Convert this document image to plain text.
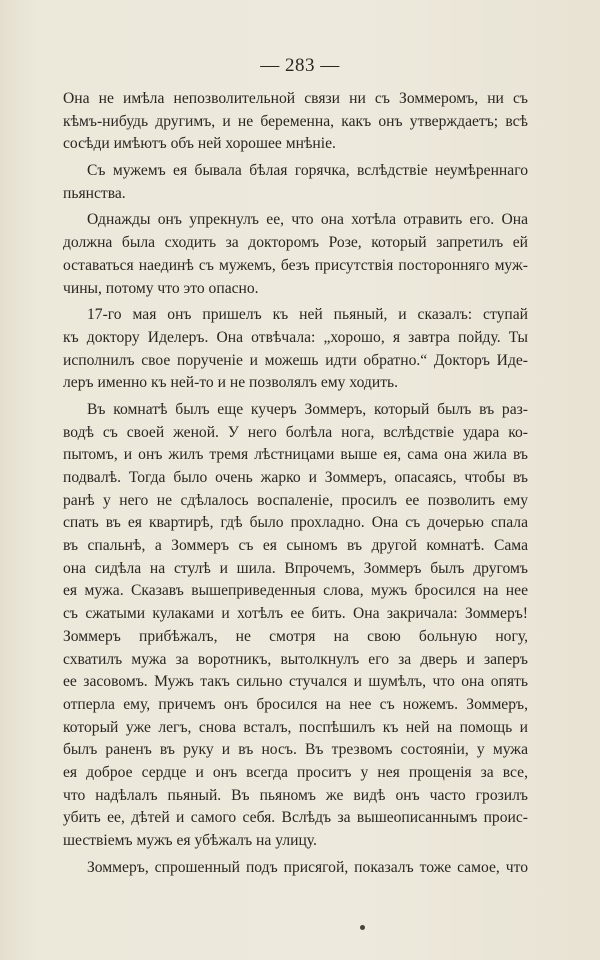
— 283 —
Она не имѣла непозволительной связи ни съ Зоммеромъ, ни съ
кѣмъ-нибудь другимъ, и не беременна, какъ онъ утверждаетъ; всѣ
сосѣди имѣютъ объ ней хорошее мнѣніе.
Съ мужемъ ея бывала бѣлая горячка, вслѣдствіе неумѣреннаго
пьянства.
Однажды онъ упрекнулъ ее, что она хотѣла отравить его. Она
должна была сходить за докторомъ Розе, который запретилъ ей
оставаться наединѣ съ мужемъ, безъ присутствія посторонняго муж-
чины, потому что это опасно.
17-го мая онъ пришелъ къ ней пьяный, и сказалъ: ступай
къ доктору Иделеръ. Она отвѣчала: „хорошо, я завтра пойду. Ты
исполнилъ свое порученіе и можешь идти обратно.“ Докторъ Иде-
леръ именно къ ней-то и не позволялъ ему ходить.
Въ комнатѣ былъ еще кучеръ Зоммеръ, который былъ въ раз-
водѣ съ своей женой. У него болѣла нога, вслѣдствіе удара ко-
пытомъ, и онъ жилъ тремя лѣстницами выше ея, сама она жила въ
подвалѣ. Тогда было очень жарко и Зоммеръ, опасаясь, чтобы въ
ранѣ у него не сдѣлалось воспаленіе, просилъ ее позволить ему
спать въ ея квартирѣ, гдѣ было прохладно. Она съ дочерью спала
въ спальнѣ, а Зоммеръ съ ея сыномъ въ другой комнатѣ. Сама
она сидѣла на стулѣ и шила. Впрочемъ, Зоммеръ былъ другомъ
ея мужа. Сказавъ вышеприведенныя слова, мужъ бросился на нее
съ сжатыми кулаками и хотѣлъ ее бить. Она закричала: Зоммеръ!
Зоммеръ прибѣжалъ, не смотря на свою больную ногу,
схватилъ мужа за воротникъ, вытолкнулъ его за дверь и заперъ
ее засовомъ. Мужъ такъ сильно стучался и шумѣлъ, что она опять
отперла ему, причемъ онъ бросился на нее съ ножемъ. Зоммеръ,
который уже легъ, снова всталъ, поспѣшилъ къ ней на помощь и
былъ раненъ въ руку и въ носъ. Въ трезвомъ состояніи, у мужа
ея доброе сердце и онъ всегда проситъ у нея прощенія за все,
что надѣлалъ пьяный. Въ пьяномъ же видѣ онъ часто грозилъ
убить ее, дѣтей и самого себя. Вслѣдъ за вышеописаннымъ проис-
шествіемъ мужъ ея убѣжалъ на улицу.
Зоммеръ, спрошенный подъ присягой, показалъ тоже самое, что
